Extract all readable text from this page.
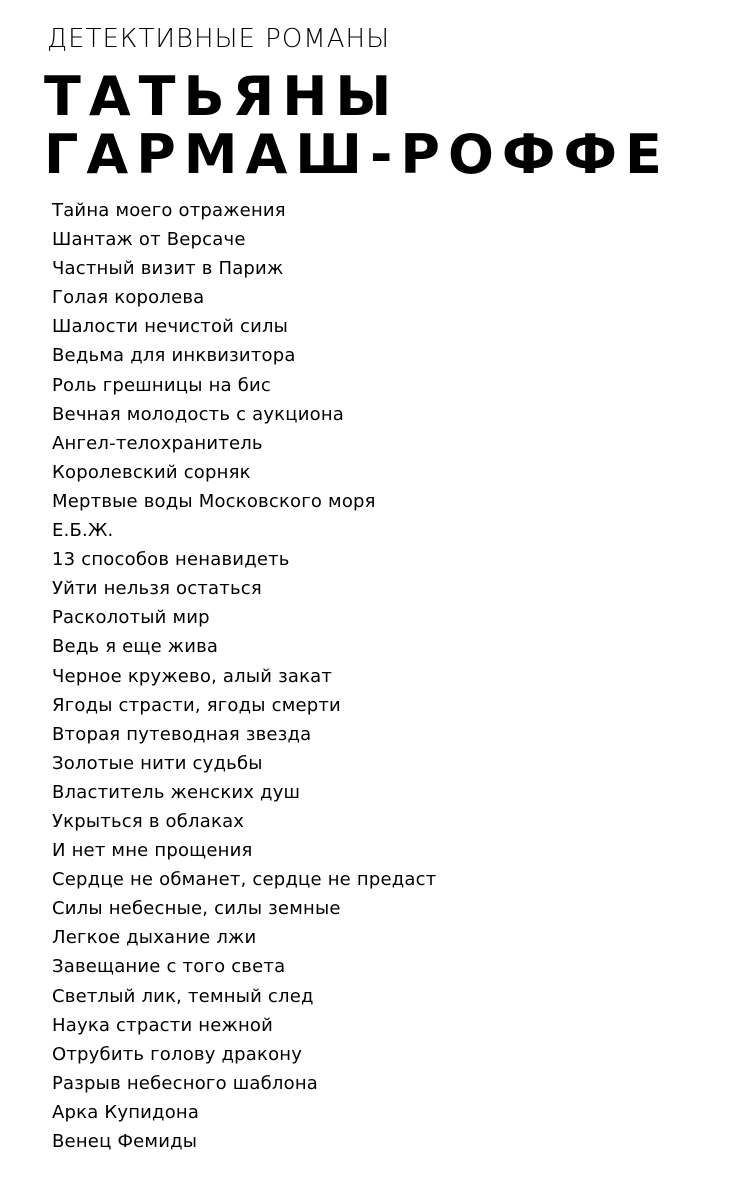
ДЕТЕКТИВНЫЕ РОМАНЫ
ТАТЬЯНЫ
ГАРМАШ-РОФФЕ
Тайна моего отражения
Шантаж от Версаче
Частный визит в Париж
Голая королева
Шалости нечистой силы
Ведьма для инквизитора
Роль грешницы на бис
Вечная молодость с аукциона
Ангел-телохранитель
Королевский сорняк
Мертвые воды Московского моря
Е.Б.Ж.
13 способов ненавидеть
Уйти нельзя остаться
Расколотый мир
Ведь я еще жива
Черное кружево, алый закат
Ягоды страсти, ягоды смерти
Вторая путеводная звезда
Золотые нити судьбы
Властитель женских душ
Укрыться в облаках
И нет мне прощения
Сердце не обманет, сердце не предаст
Силы небесные, силы земные
Легкое дыхание лжи
Завещание с того света
Светлый лик, темный след
Наука страсти нежной
Отрубить голову дракону
Разрыв небесного шаблона
Арка Купидона
Венец Фемиды
